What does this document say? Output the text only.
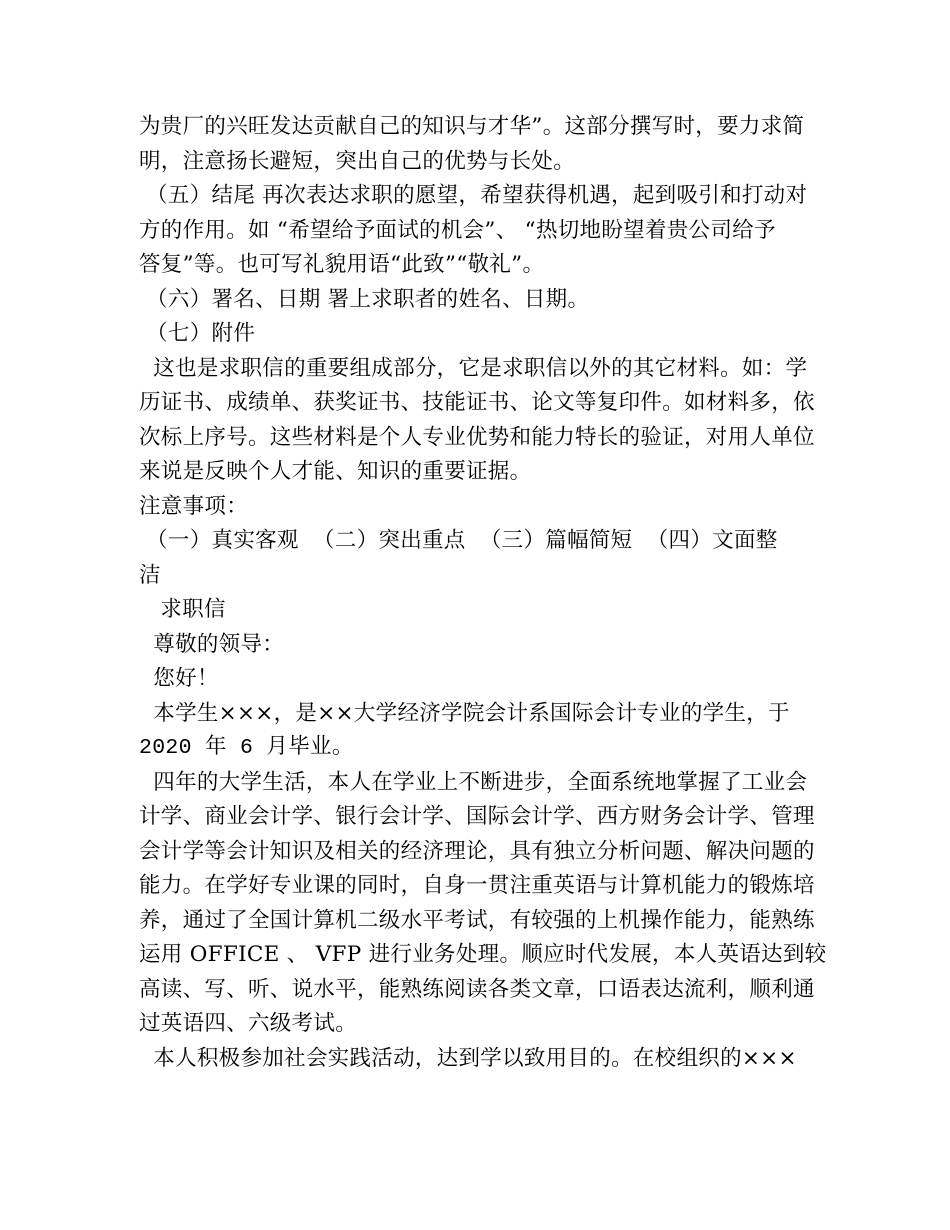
为贵厂的兴旺发达贡献自己的知识与才华”。这部分撰写时，要力求简
明，注意扬长避短，突出自己的优势与长处。
（五）结尾 再次表达求职的愿望，希望获得机遇，起到吸引和打动对
方的作用。如 “希望给予面试的机会”、 “热切地盼望着贵公司给予
答复”等。也可写礼貌用语“此致”“敬礼”。
（六）署名、日期 署上求职者的姓名、日期。
（七）附件
这也是求职信的重要组成部分，它是求职信以外的其它材料。如：学
历证书、成绩单、获奖证书、技能证书、论文等复印件。如材料多，依
次标上序号。这些材料是个人专业优势和能力特长的验证，对用人单位
来说是反映个人才能、知识的重要证据。
注意事项：
（一）真实客观  （二）突出重点  （三）篇幅简短  （四）文面整
洁
求职信
尊敬的领导：
您好！
本学生×××，是××大学经济学院会计系国际会计专业的学生，于
2020 年 6 月毕业。
四年的大学生活，本人在学业上不断进步，全面系统地掌握了工业会
计学、商业会计学、银行会计学、国际会计学、西方财务会计学、管理
会计学等会计知识及相关的经济理论，具有独立分析问题、解决问题的
能力。在学好专业课的同时，自身一贯注重英语与计算机能力的锻炼培
养，通过了全国计算机二级水平考试，有较强的上机操作能力，能熟练
运用 OFFICE 、 VFP 进行业务处理。顺应时代发展，本人英语达到较
高读、写、听、说水平，能熟练阅读各类文章，口语表达流利，顺利通
过英语四、六级考试。
本人积极参加社会实践活动，达到学以致用目的。在校组织的×××
